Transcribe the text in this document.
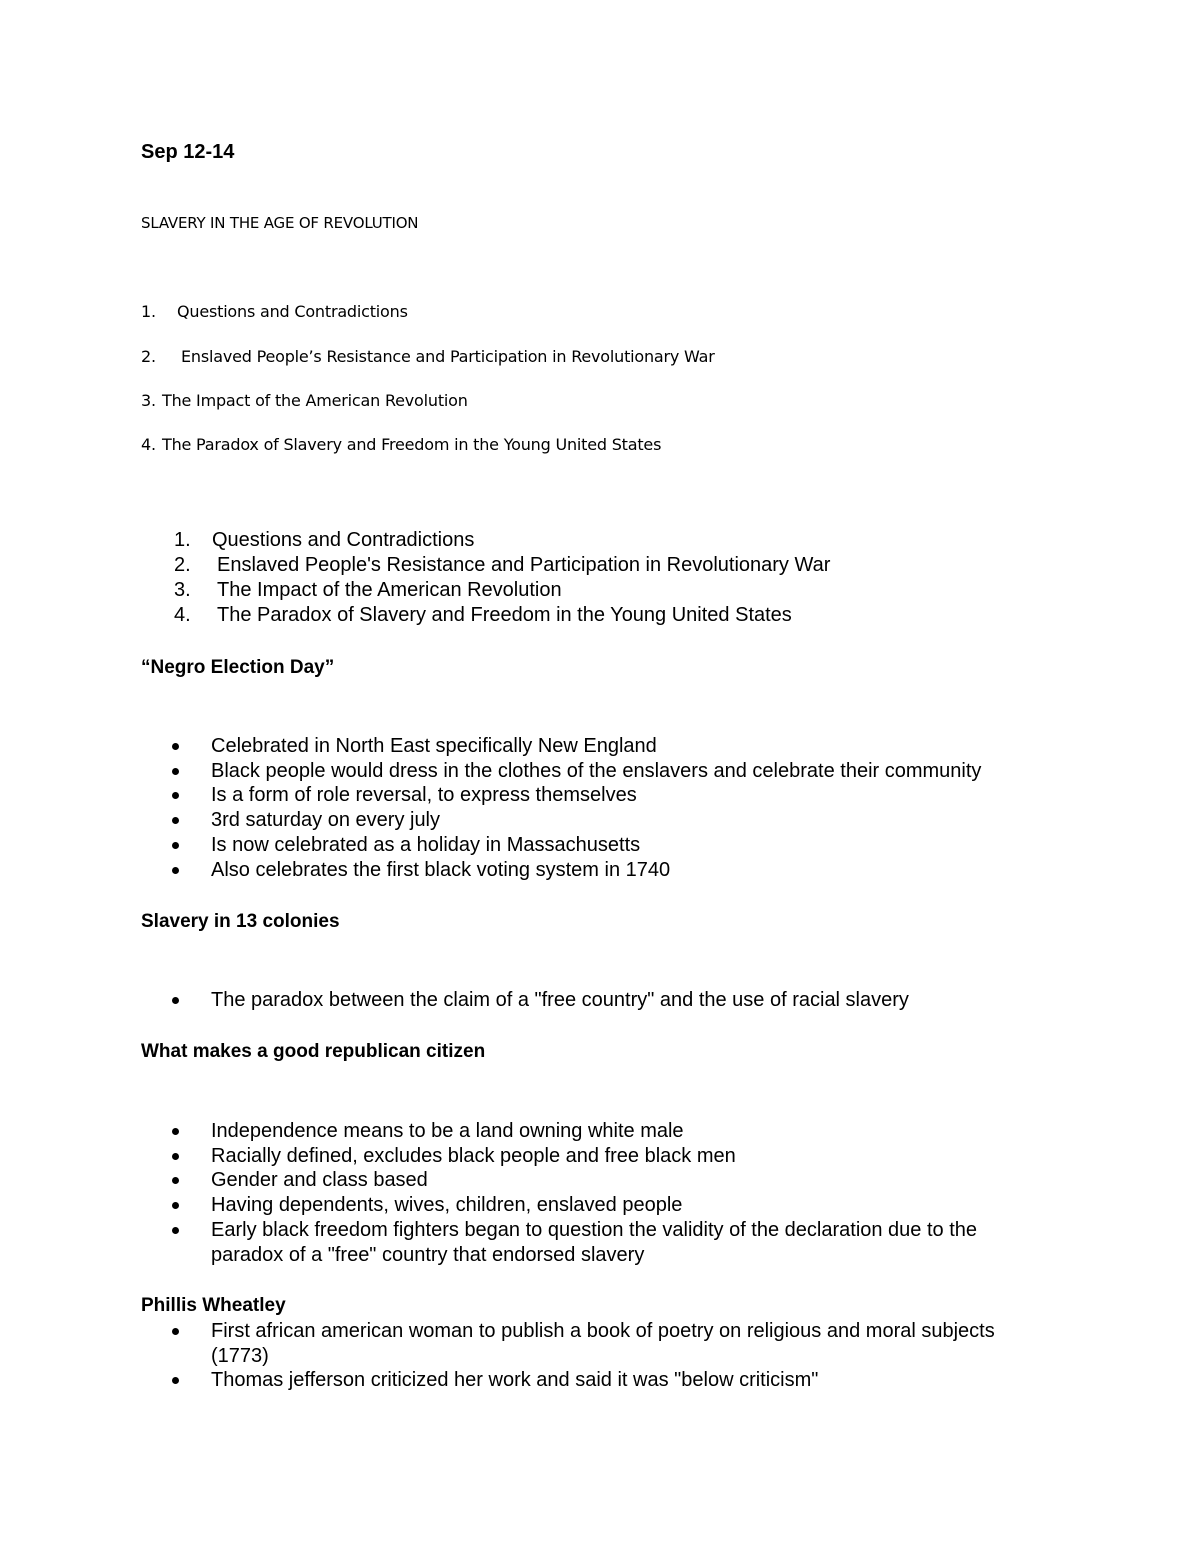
Sep 12-14
SLAVERY IN THE AGE OF REVOLUTION
1. Questions and Contradictions
2. Enslaved People’s Resistance and Participation in Revolutionary War
3. The Impact of the American Revolution
4. The Paradox of Slavery and Freedom in the Young United States
1. Questions and Contradictions
2. Enslaved People's Resistance and Participation in Revolutionary War
3. The Impact of the American Revolution
4. The Paradox of Slavery and Freedom in the Young United States
“Negro Election Day”
Celebrated in North East specifically New England
Black people would dress in the clothes of the enslavers and celebrate their community
Is a form of role reversal, to express themselves
3rd saturday on every july
Is now celebrated as a holiday in Massachusetts
Also celebrates the first black voting system in 1740
Slavery in 13 colonies
The paradox between the claim of a "free country" and the use of racial slavery
What makes a good republican citizen
Independence means to be a land owning white male
Racially defined, excludes black people and free black men
Gender and class based
Having dependents, wives, children, enslaved people
Early black freedom fighters began to question the validity of the declaration due to the paradox of a "free" country that endorsed slavery
Phillis Wheatley
First african american woman to publish a book of poetry on religious and moral subjects (1773)
Thomas jefferson criticized her work and said it was "below criticism"
